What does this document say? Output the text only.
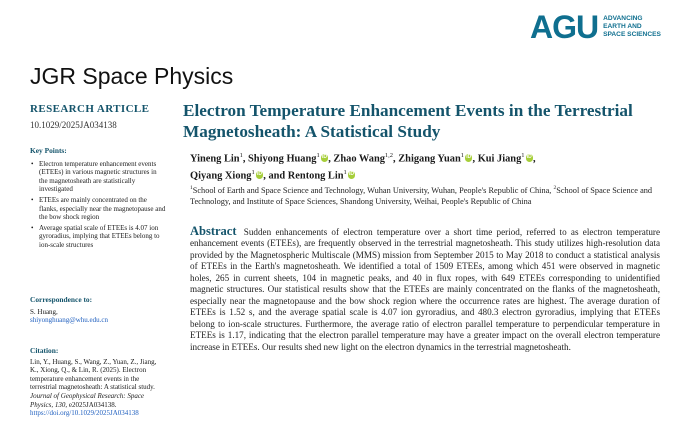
AGU ADVANCING
EARTH AND
SPACE SCIENCES
JGR Space Physics
RESEARCH ARTICLE
10.1029/2025JA034138
Key Points:
• Electron temperature enhancement events (ETEEs) in various magnetic structures in the magnetosheath are statistically investigated
• ETEEs are mainly concentrated on the flanks, especially near the magnetopause and the bow shock region
• Average spatial scale of ETEEs is 4.07 ion gyroradius, implying that ETEEs belong to ion-scale structures
Correspondence to:
S. Huang,
shiyonghuang@whu.edu.cn
Citation:
Lin, Y., Huang, S., Wang, Z., Yuan, Z., Jiang, K., Xiong, Q., & Lin, R. (2025). Electron temperature enhancement events in the terrestrial magnetosheath: A statistical study. Journal of Geophysical Research: Space Physics, 130, e2025JA034138. https://doi.org/10.1029/2025JA034138
Electron Temperature Enhancement Events in the Terrestrial Magnetosheath: A Statistical Study
Yineng Lin$^1$, Shiyong Huang$^1$ iD, Zhao Wang$^{1,2}$, Zhigang Yuan$^1$ iD, Kui Jiang$^1$ iD,
Qiyang Xiong$^1$ iD, and Rentong Lin$^1$ iD
$^1$School of Earth and Space Science and Technology, Wuhan University, Wuhan, People's Republic of China, $^2$School of Space Science and Technology, and Institute of Space Sciences, Shandong University, Weihai, People's Republic of China
Abstract Sudden enhancements of electron temperature over a short time period, referred to as electron temperature enhancement events (ETEEs), are frequently observed in the terrestrial magnetosheath. This study utilizes high-resolution data provided by the Magnetospheric Multiscale (MMS) mission from September 2015 to May 2018 to conduct a statistical analysis of ETEEs in the Earth's magnetosheath. We identified a total of 1509 ETEEs, among which 451 were observed in magnetic holes, 265 in current sheets, 104 in magnetic peaks, and 40 in flux ropes, with 649 ETEEs corresponding to unidentified magnetic structures. Our statistical results show that the ETEEs are mainly concentrated on the flanks of the magnetosheath, especially near the magnetopause and the bow shock region where the occurrence rates are highest. The average duration of ETEEs is 1.52 s, and the average spatial scale is 4.07 ion gyroradius, and 480.3 electron gyroradius, implying that ETEEs belong to ion-scale structures. Furthermore, the average ratio of electron parallel temperature to perpendicular temperature in ETEEs is 1.17, indicating that the electron parallel temperature may have a greater impact on the overall electron temperature increase in ETEEs. Our results shed new light on the electron dynamics in the terrestrial magnetosheath.
